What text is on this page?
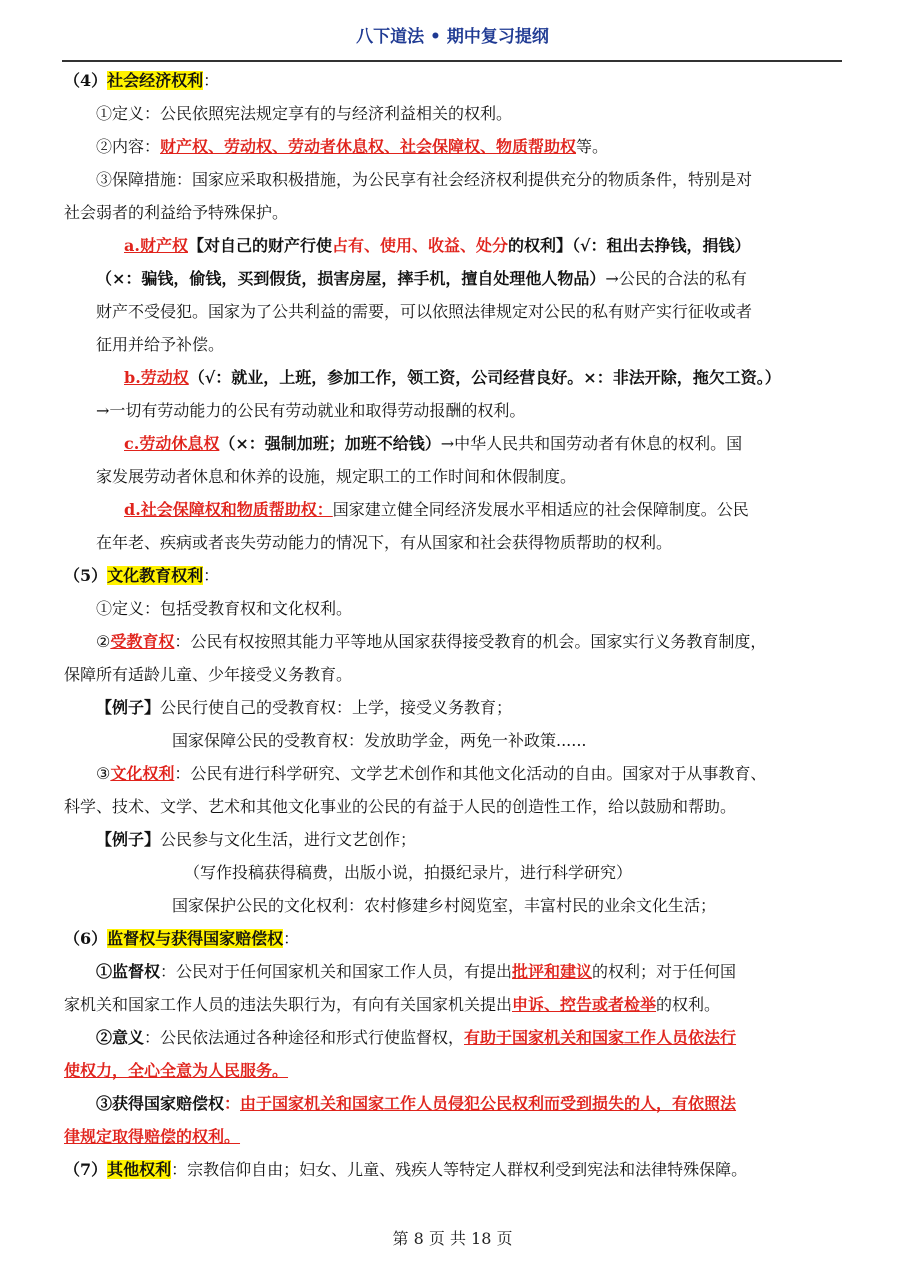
八下道法 • 期中复习提纲
（4）社会经济权利：
①定义：公民依照宪法规定享有的与经济利益相关的权利。
②内容：财产权、劳动权、劳动者休息权、社会保障权、物质帮助权等。
③保障措施：国家应采取积极措施，为公民享有社会经济权利提供充分的物质条件，特别是对
社会弱者的利益给予特殊保护。
a.财产权【对自己的财产行使占有、使用、收益、处分的权利】（√：租出去挣钱，捐钱）
（×：骗钱，偷钱，买到假货，损害房屋，摔手机，擅自处理他人物品）→公民的合法的私有
财产不受侵犯。国家为了公共利益的需要，可以依照法律规定对公民的私有财产实行征收或者
征用并给予补偿。
b.劳动权（√：就业，上班，参加工作，领工资，公司经营良好。×：非法开除，拖欠工资。）
→一切有劳动能力的公民有劳动就业和取得劳动报酬的权利。
c.劳动休息权（×：强制加班；加班不给钱）→中华人民共和国劳动者有休息的权利。国
家发展劳动者休息和休养的设施，规定职工的工作时间和休假制度。
d.社会保障权和物质帮助权：国家建立健全同经济发展水平相适应的社会保障制度。公民
在年老、疾病或者丧失劳动能力的情况下，有从国家和社会获得物质帮助的权利。
（5）文化教育权利：
①定义：包括受教育权和文化权利。
②受教育权：公民有权按照其能力平等地从国家获得接受教育的机会。国家实行义务教育制度，
保障所有适龄儿童、少年接受义务教育。
【例子】公民行使自己的受教育权：上学，接受义务教育；
国家保障公民的受教育权：发放助学金，两免一补政策......
③文化权利：公民有进行科学研究、文学艺术创作和其他文化活动的自由。国家对于从事教育、
科学、技术、文学、艺术和其他文化事业的公民的有益于人民的创造性工作，给以鼓励和帮助。
【例子】公民参与文化生活，进行文艺创作；
（写作投稿获得稿费，出版小说，拍摄纪录片，进行科学研究）
国家保护公民的文化权利：农村修建乡村阅览室，丰富村民的业余文化生活；
（6）监督权与获得国家赔偿权：
①监督权：公民对于任何国家机关和国家工作人员，有提出批评和建议的权利；对于任何国
家机关和国家工作人员的违法失职行为，有向有关国家机关提出申诉、控告或者检举的权利。
②意义：公民依法通过各种途径和形式行使监督权，有助于国家机关和国家工作人员依法行
使权力，全心全意为人民服务。
③获得国家赔偿权：由于国家机关和国家工作人员侵犯公民权利而受到损失的人，有依照法
律规定取得赔偿的权利。
（7）其他权利：宗教信仰自由；妇女、儿童、残疾人等特定人群权利受到宪法和法律特殊保障。
第 8 页 共 18 页
